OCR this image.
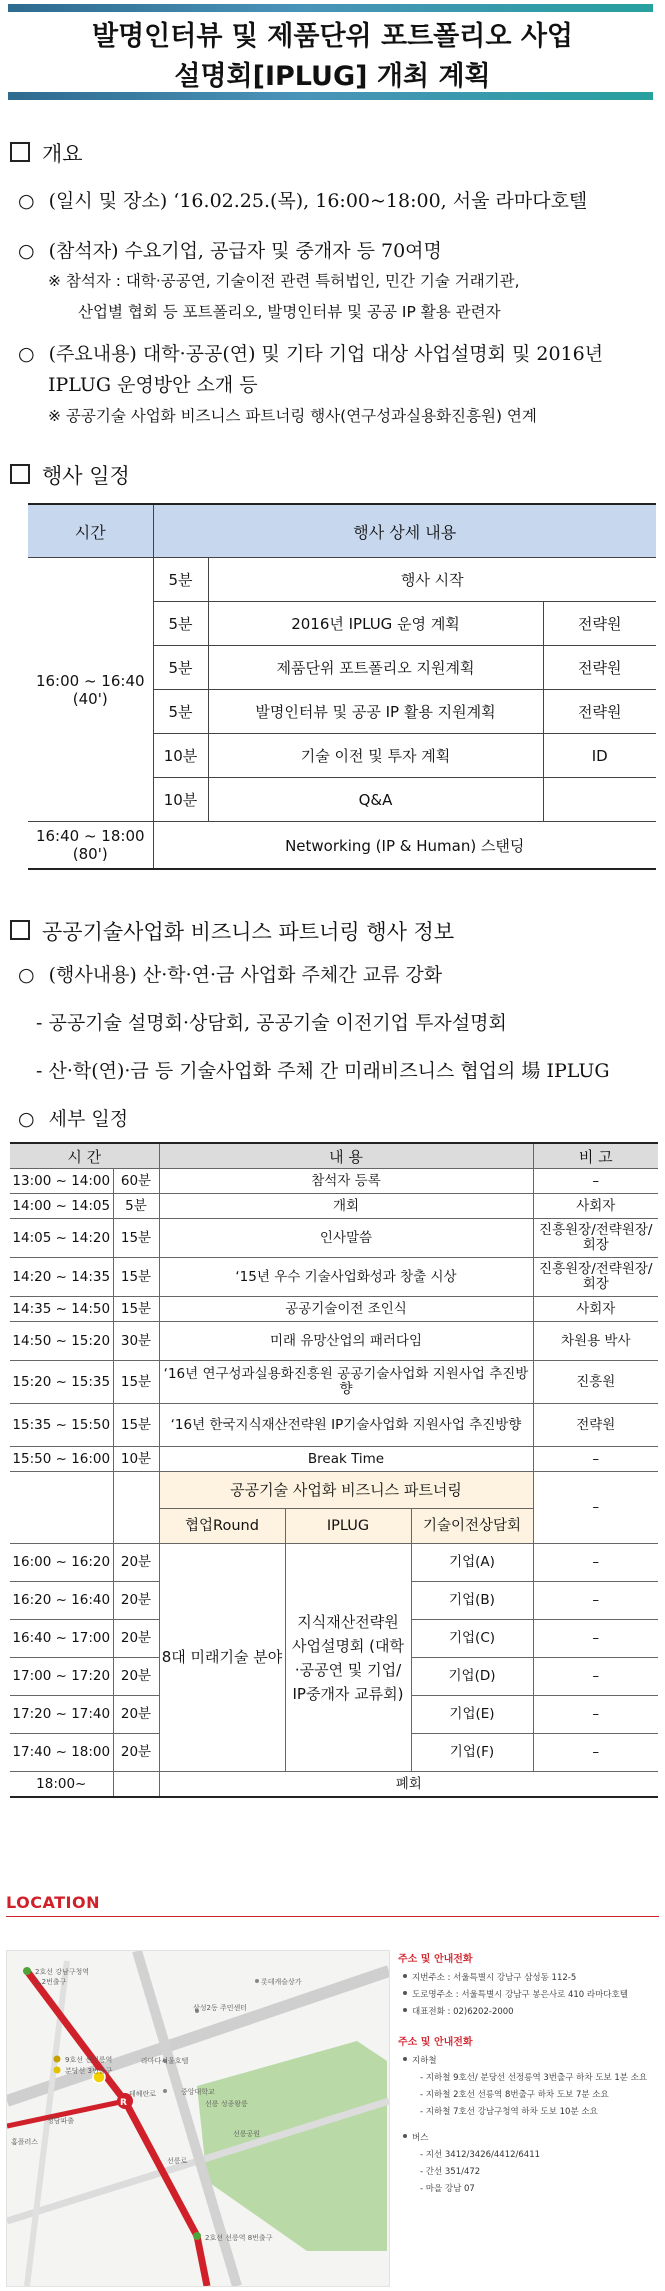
발명인터뷰 및 제품단위 포트폴리오 사업
설명회[IPLUG] 개최 계획
개요
○ (일시 및 장소) ‘16.02.25.(목), 16:00~18:00, 서울 라마다호텔
○ (참석자) 수요기업, 공급자 및 중개자 등 70여명
※ 참석자 : 대학·공공연, 기술이전 관련 특허법인, 민간 기술 거래기관,
산업별 협회 등 포트폴리오, 발명인터뷰 및 공공 IP 활용 관련자
○ (주요내용) 대학·공공(연) 및 기타 기업 대상 사업설명회 및 2016년
IPLUG 운영방안 소개 등
※ 공공기술 사업화 비즈니스 파트너링 행사(연구성과실용화진흥원) 연계
행사 일정
시간	행사 상세 내용		

16:00 ~ 16:40
(40')	5분	행사 시작	
	5분	2016년 IPLUG 운영 계획	전략원
	5분	제품단위 포트폴리오 지원계획	전략원
	5분	발명인터뷰 및 공공 IP 활용 지원계획	전략원
	10분	기술 이전 및 투자 계획	ID
	10분	Q&A	

16:40 ~ 18:00
(80')	Networking (IP & Human) 스탠딩		
공공기술사업화 비즈니스 파트너링 행사 정보
○ (행사내용) 산·학·연·금 사업화 주체간 교류 강화
- 공공기술 설명회·상담회, 공공기술 이전기업 투자설명회
- 산·학(연)·금 등 기술사업화 주체 간 미래비즈니스 협업의 場 IPLUG
○ 세부 일정
시 간		내 용			비 고
13:00 ~ 14:00	60분	참석자 등록			–
14:00 ~ 14:05	5분	개회			사회자
14:05 ~ 14:20	15분	인사말씀			진흥원장/전략원장/회장
14:20 ~ 14:35	15분	‘15년 우수 기술사업화성과 창출 시상			진흥원장/전략원장/회장
14:35 ~ 14:50	15분	공공기술이전 조인식			사회자
14:50 ~ 15:20	30분	미래 유망산업의 패러다임			차원용 박사
15:20 ~ 15:35	15분	‘16년 연구성과실용화진흥원 공공기술사업화 지원사업 추진방향			진흥원
15:35 ~ 15:50	15분	‘16년 한국지식재산전략원 IP기술사업화 지원사업 추진방향			전략원
15:50 ~ 16:00	10분	Break Time			–
		공공기술 사업화 비즈니스 파트너링			–
		협업Round	IPLUG	기술이전상담회	
16:00 ~ 16:20	20분	8대 미래기술 분야	지식재산전략원 사업설명회 (대학·공공연 및 기업/ IP중개자 교류회)	기업(A)	–
16:20 ~ 16:40	20분			기업(B)	–
16:40 ~ 17:00	20분			기업(C)	–
17:00 ~ 17:20	20분			기업(D)	–
17:20 ~ 17:40	20분			기업(E)	–
17:40 ~ 18:00	20분			기업(F)	–
18:00~		폐회			
LOCATION
R
2호선 강남구청역
1,2번출구
9호선 선정릉역
분당선 3번출구
라마다서울호텔
선릉 성종왕릉
선릉공원
삼성2동 주민센터
선릉로
테헤란로
롯데캐슬상가
청담파출
홈플러스
중앙대학교
2호선 선릉역 8번출구
주소 및 안내전화
지번주소 : 서울특별시 강남구 삼성동 112-5
도로명주소 : 서울특별시 강남구 봉은사로 410 라마다호텔
대표전화 : 02)6202-2000
주소 및 안내전화
지하철
- 지하철 9호선/ 분당선 선정릉역 3번출구 하차 도보 1분 소요
- 지하철 2호선 선릉역 8번출구 하차 도보 7분 소요
- 지하철 7호선 강남구청역 하차 도보 10분 소요
버스
- 지선 3412/3426/4412/6411
- 간선 351/472
- 마을 강남 07
